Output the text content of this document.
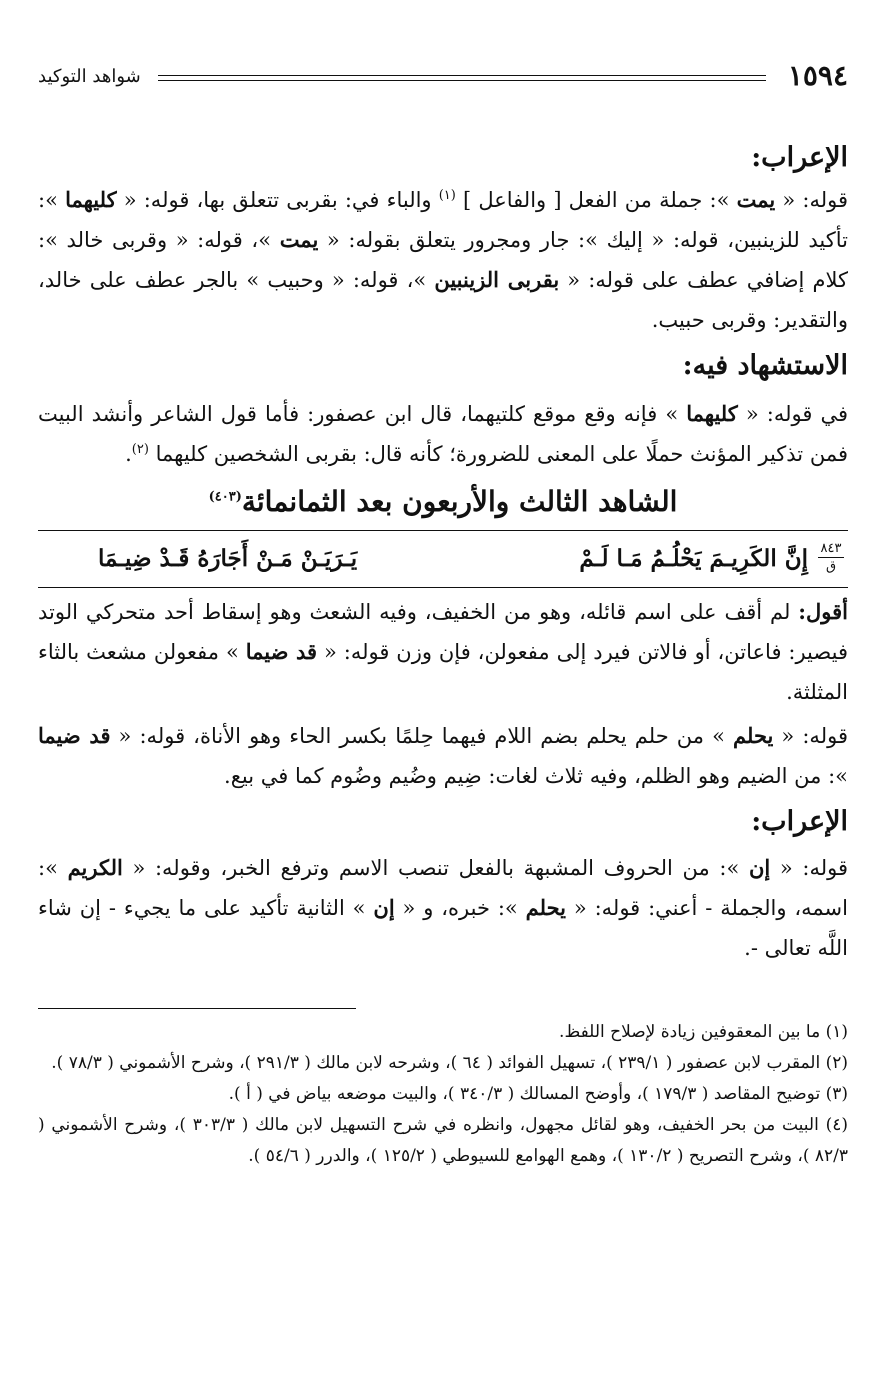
١٥٩٤
شواهد التوكيد
الإعراب:

قوله: « يمت »: جملة من الفعل [ والفاعل ] $^{(١)}$ والباء في: بقربى تتعلق بها، قوله: « كليهما »: تأكيد للزينبين، قوله: « إليك »: جار ومجرور يتعلق بقوله: « يمت »، قوله: « وقربى خالد »: كلام إضافي عطف على قوله: « بقربى الزينبين »، قوله: « وحبيب » بالجر عطف على خالد، والتقدير: وقربى حبيب.

الاستشهاد فيه:

في قوله: « كليهما » فإنه وقع موقع كلتيهما، قال ابن عصفور: فأما قول الشاعر وأنشد البيت فمن تذكير المؤنث حملًا على المعنى للضرورة؛ كأنه قال: بقربى الشخصين كليهما $^{(٢)}$.

الشاهد الثالث والأربعون بعد الثمانمائة$^{(٤٠٣)}$
٨٤٣
ق
إِنَّ الكَرِيـمَ يَحْلُـمُ مَـا لَـمْ
يَـرَيَـنْ مَـنْ أَجَارَهُ قَـدْ ضِيـمَا

أقول: لم أقف على اسم قائله، وهو من الخفيف، وفيه الشعث وهو إسقاط أحد متحركي الوتد فيصير: فاعاتن، أو فالاتن فيرد إلى مفعولن، فإن وزن قوله: « قد ضيما » مفعولن مشعث بالثاء المثلثة.

قوله: « يحلم » من حلم يحلم بضم اللام فيهما حِلمًا بكسر الحاء وهو الأناة، قوله: « قد ضيما »: من الضيم وهو الظلم، وفيه ثلاث لغات: ضِيم وضُيم وضُوم كما في بيع.

الإعراب:

قوله: « إن »: من الحروف المشبهة بالفعل تنصب الاسم وترفع الخبر، وقوله: « الكريم »: اسمه، والجملة - أعني: قوله: « يحلم »: خبره، و « إن » الثانية تأكيد على ما يجيء - إن شاء اللَّه تعالى -.

(١) ما بين المعقوفين زيادة لإصلاح اللفظ.

(٢) المقرب لابن عصفور ( ٢٣٩/١ )، تسهيل الفوائد ( ٦٤ )، وشرحه لابن مالك ( ٢٩١/٣ )، وشرح الأشموني ( ٧٨/٣ ).

(٣) توضيح المقاصد ( ١٧٩/٣ )، وأوضح المسالك ( ٣٤٠/٣ )، والبيت موضعه بياض في ( أ ).

(٤) البيت من بحر الخفيف، وهو لقائل مجهول، وانظره في شرح التسهيل لابن مالك ( ٣٠٣/٣ )، وشرح الأشموني ( ٨٢/٣ )، وشرح التصريح ( ١٣٠/٢ )، وهمع الهوامع للسيوطي ( ١٢٥/٢ )، والدرر ( ٥٤/٦ ).
